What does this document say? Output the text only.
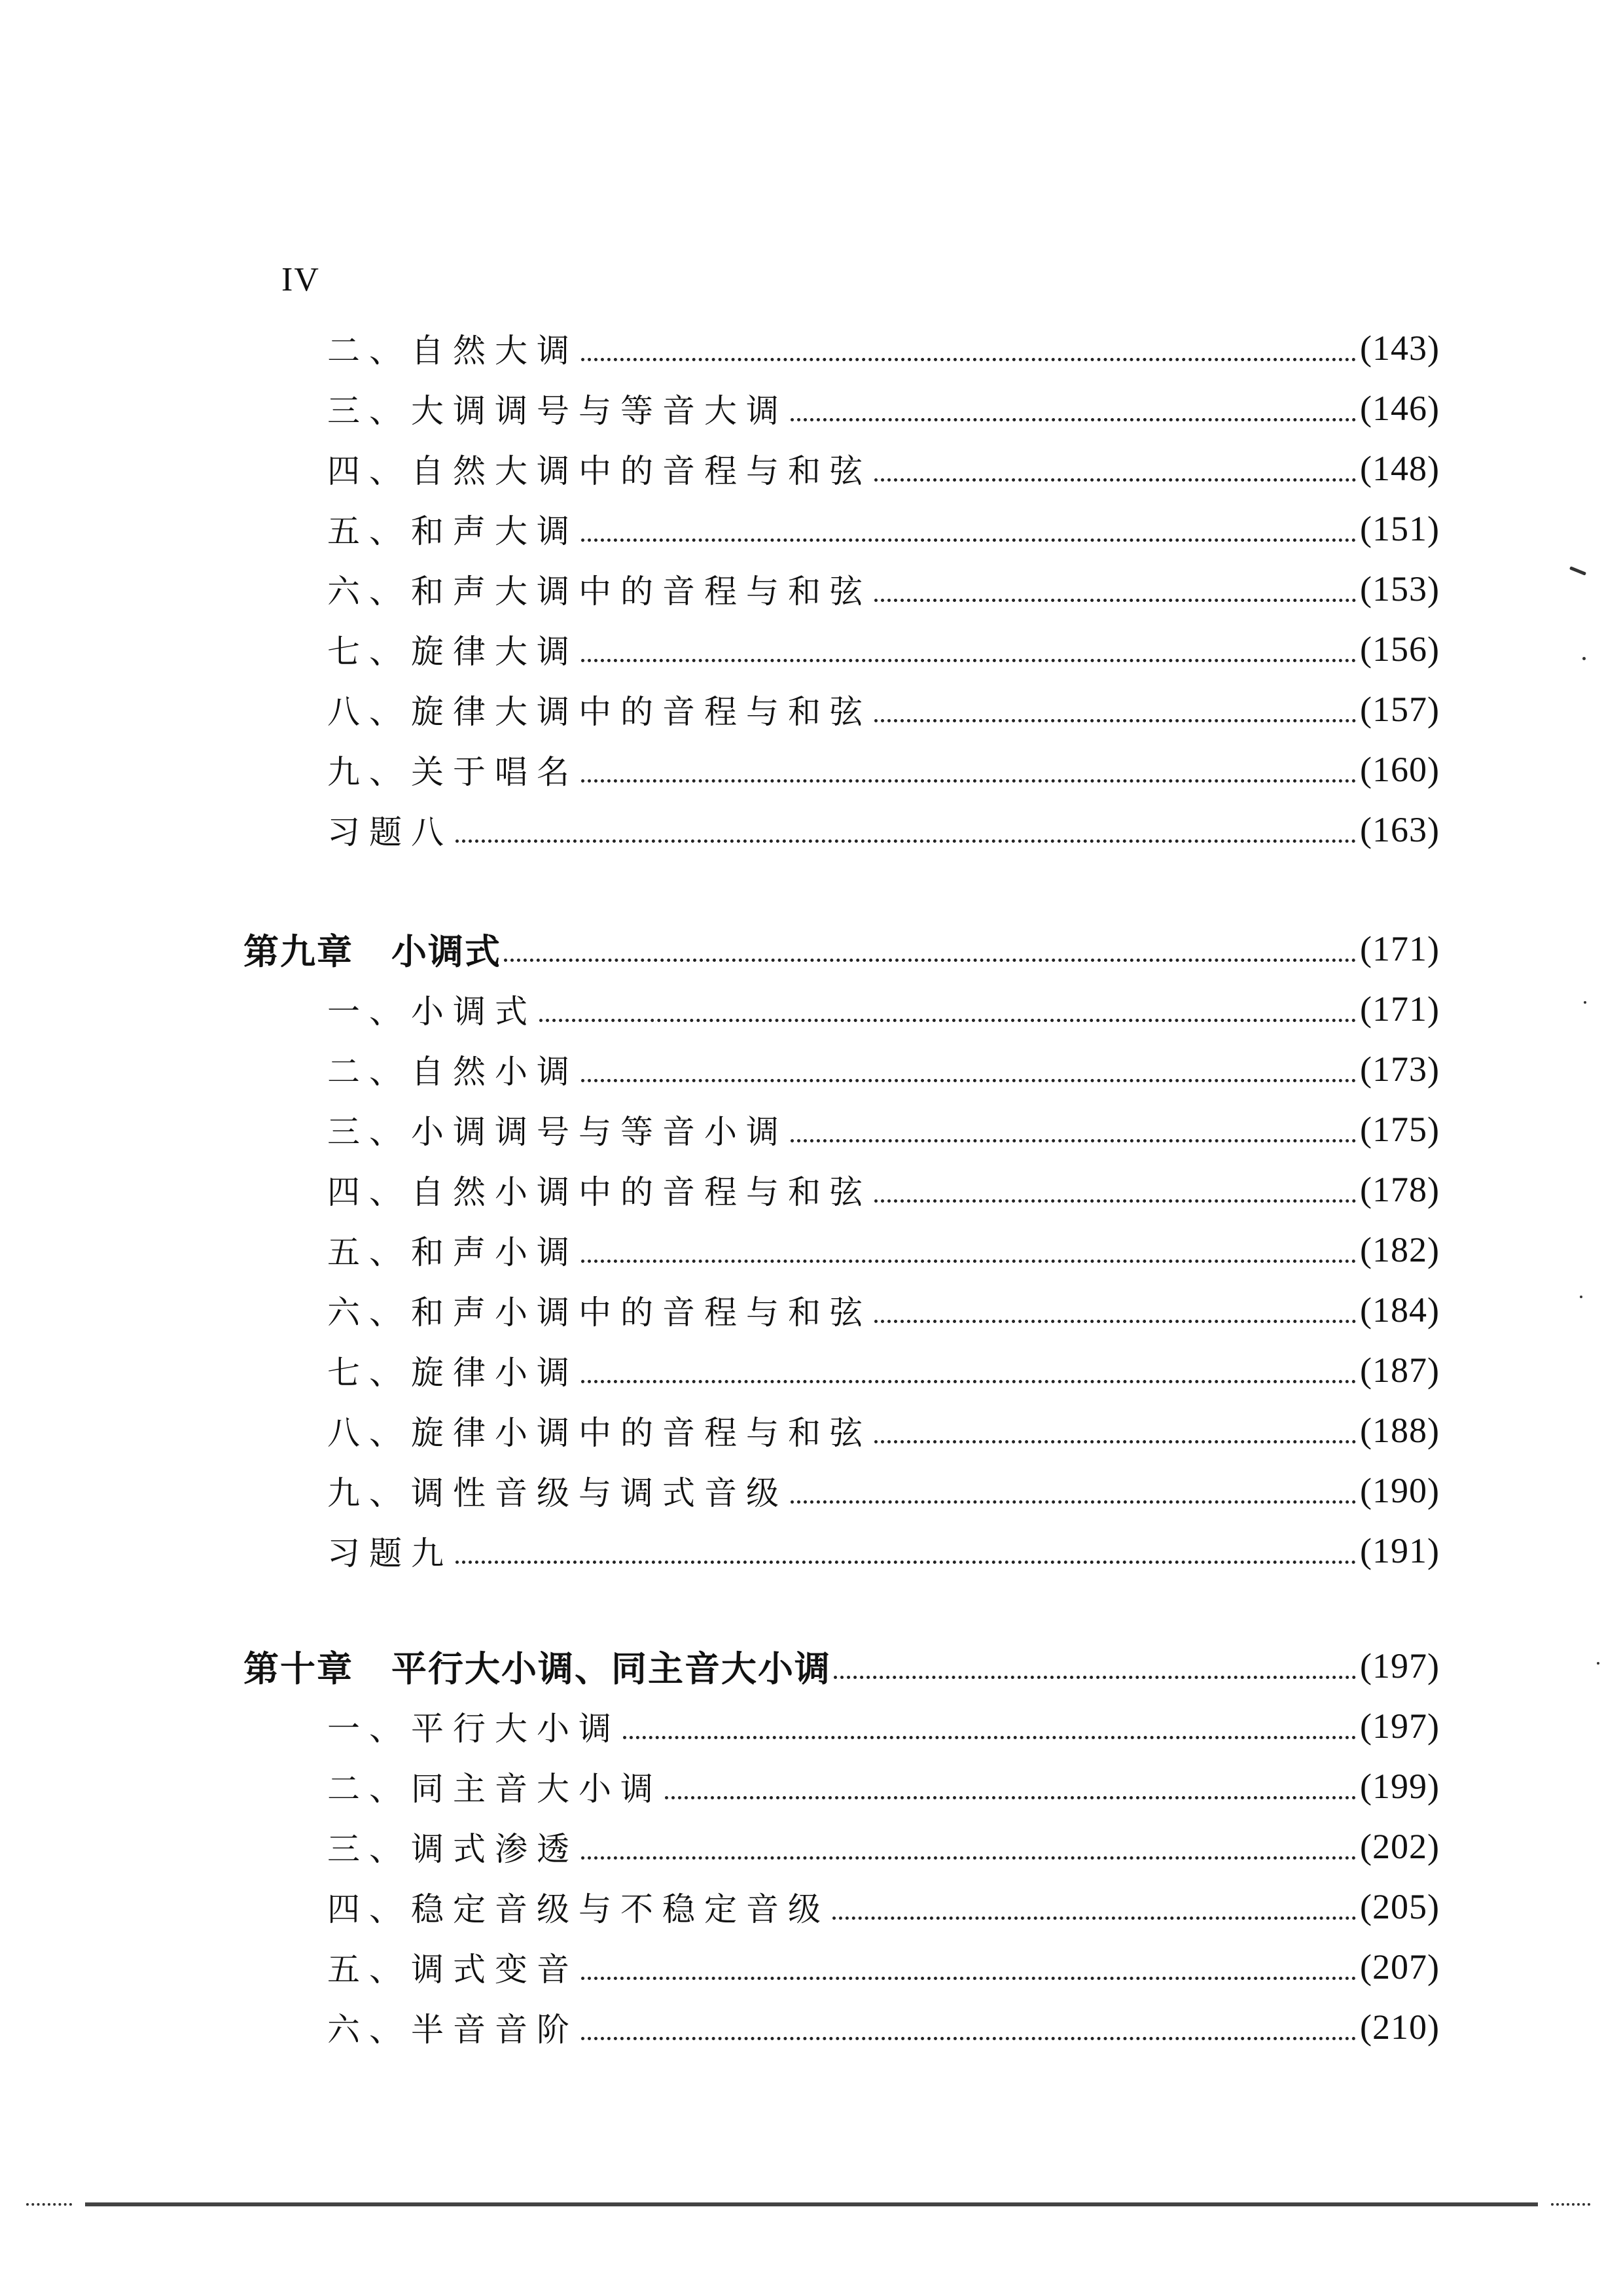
IV
二、自然大调	(143)
三、大调调号与等音大调	(146)
四、自然大调中的音程与和弦	(148)
五、和声大调	(151)
六、和声大调中的音程与和弦	(153)
七、旋律大调	(156)
八、旋律大调中的音程与和弦	(157)
九、关于唱名	(160)
习题八	(163)
第九章 小调式	(171)
一、小调式	(171)
二、自然小调	(173)
三、小调调号与等音小调	(175)
四、自然小调中的音程与和弦	(178)
五、和声小调	(182)
六、和声小调中的音程与和弦	(184)
七、旋律小调	(187)
八、旋律小调中的音程与和弦	(188)
九、调性音级与调式音级	(190)
习题九	(191)
第十章 平行大小调、同主音大小调	(197)
一、平行大小调	(197)
二、同主音大小调	(199)
三、调式渗透	(202)
四、稳定音级与不稳定音级	(205)
五、调式变音	(207)
六、半音音阶	(210)
